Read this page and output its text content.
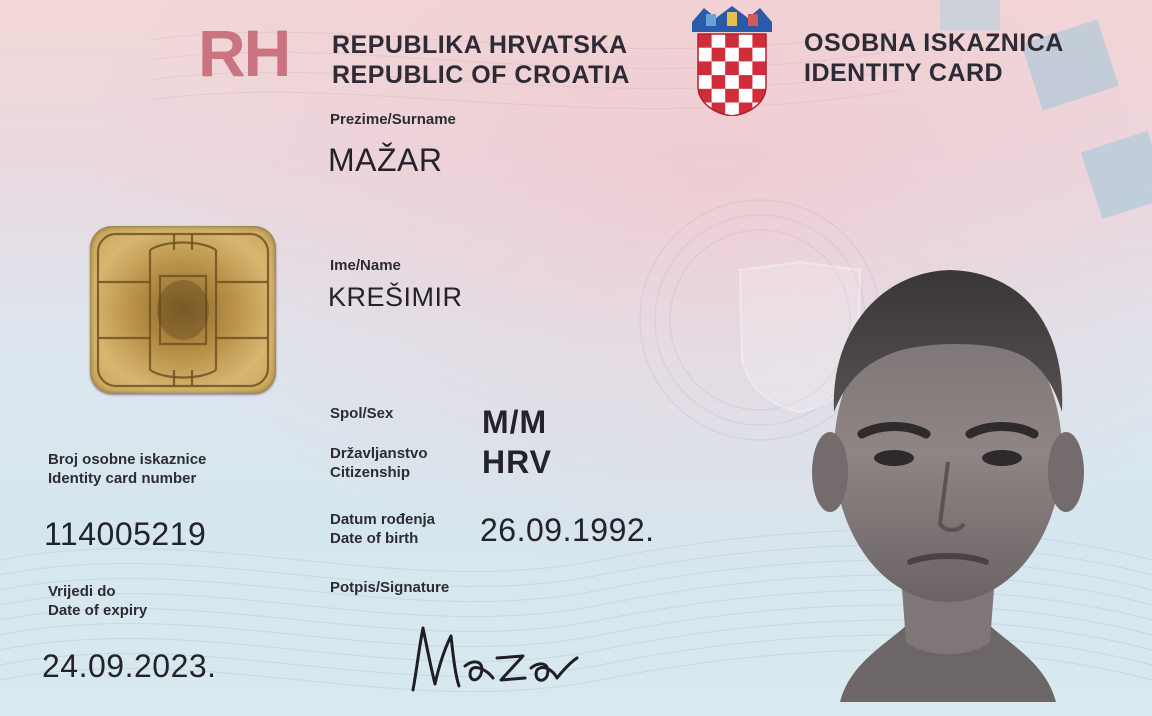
RH REPUBLIKA HRVATSKA
REPUBLIC OF CROATIA
OSOBNA ISKAZNICA
IDENTITY CARD
Prezime/Surname
MAŽAR
Ime/Name
KREŠIMIR
Spol/Sex	M/M
Državljanstvo
Citizenship	HRV
Datum rođenja
Date of birth	26.09.1992.
Broj osobne iskaznice
Identity card number
114005219
Potpis/Signature
Vrijedi do
Date of expiry
24.09.2023.
